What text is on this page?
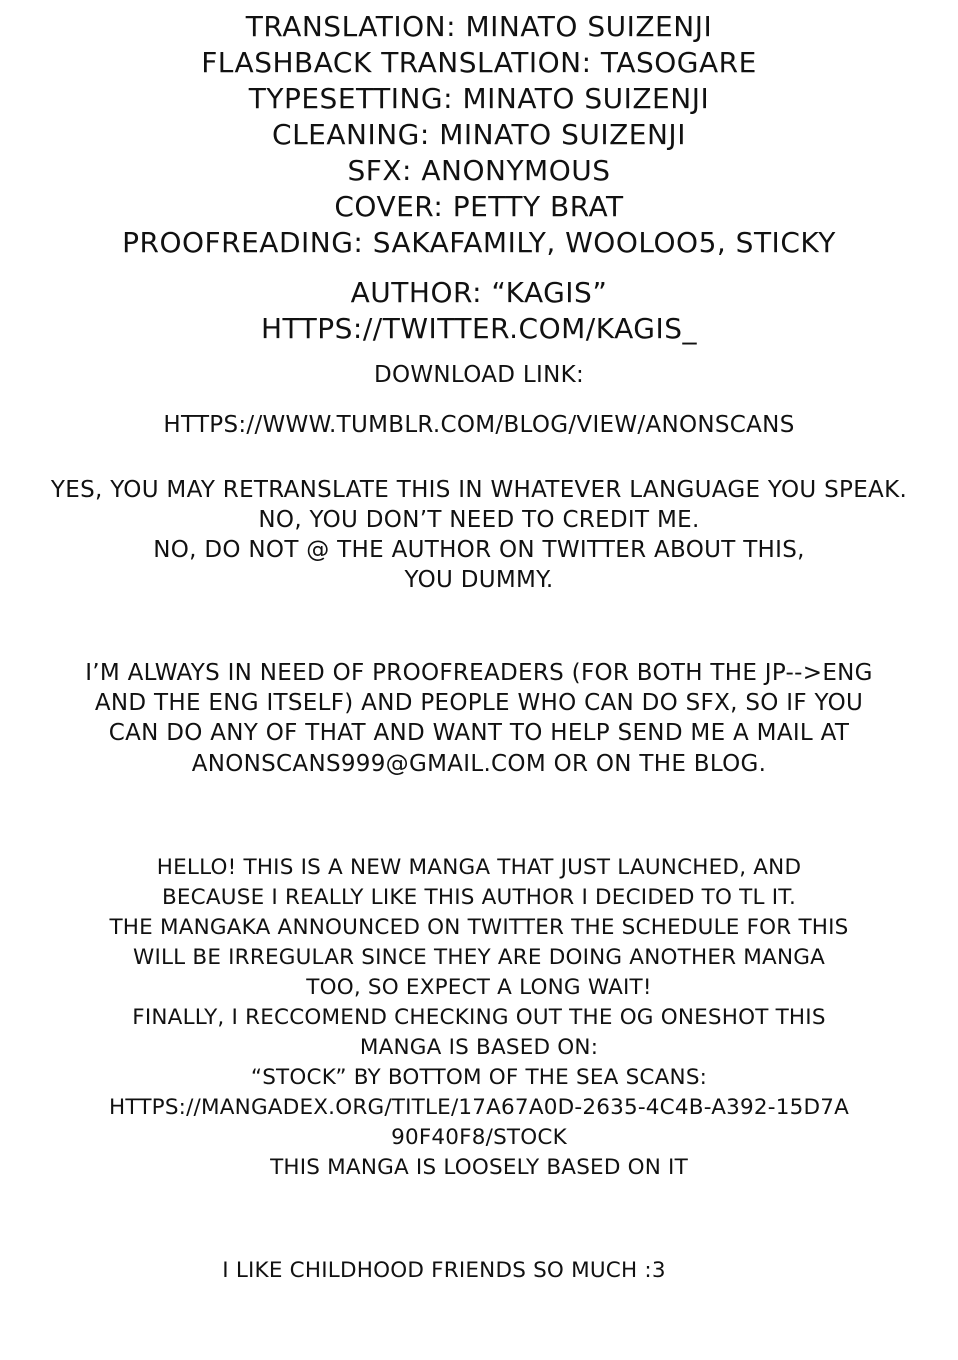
TRANSLATION: MINATO SUIZENJI
FLASHBACK TRANSLATION: TASOGARE
TYPESETTING: MINATO SUIZENJI
CLEANING: MINATO SUIZENJI
SFX: ANONYMOUS
COVER: PETTY BRAT
PROOFREADING: SAKAFAMILY, WOOLOO5, STICKY
AUTHOR: “KAGIS”
HTTPS://TWITTER.COM/KAGIS_
DOWNLOAD LINK:
HTTPS://WWW.TUMBLR.COM/BLOG/VIEW/ANONSCANS
YES, YOU MAY RETRANSLATE THIS IN WHATEVER LANGUAGE YOU SPEAK.
NO, YOU DON’T NEED TO CREDIT ME.
NO, DO NOT @ THE AUTHOR ON TWITTER ABOUT THIS,
YOU DUMMY.
I’M ALWAYS IN NEED OF PROOFREADERS (FOR BOTH THE JP-->ENG
AND THE ENG ITSELF) AND PEOPLE WHO CAN DO SFX, SO IF YOU
CAN DO ANY OF THAT AND WANT TO HELP SEND ME A MAIL AT
ANONSCANS999@GMAIL.COM OR ON THE BLOG.
HELLO! THIS IS A NEW MANGA THAT JUST LAUNCHED, AND
BECAUSE I REALLY LIKE THIS AUTHOR I DECIDED TO TL IT.
THE MANGAKA ANNOUNCED ON TWITTER THE SCHEDULE FOR THIS
WILL BE IRREGULAR SINCE THEY ARE DOING ANOTHER MANGA
TOO, SO EXPECT A LONG WAIT!
FINALLY, I RECCOMEND CHECKING OUT THE OG ONESHOT THIS
MANGA IS BASED ON:
“STOCK” BY BOTTOM OF THE SEA SCANS:
HTTPS://MANGADEX.ORG/TITLE/17A67A0D-2635-4C4B-A392-15D7A
90F40F8/STOCK
THIS MANGA IS LOOSELY BASED ON IT
I LIKE CHILDHOOD FRIENDS SO MUCH :3
